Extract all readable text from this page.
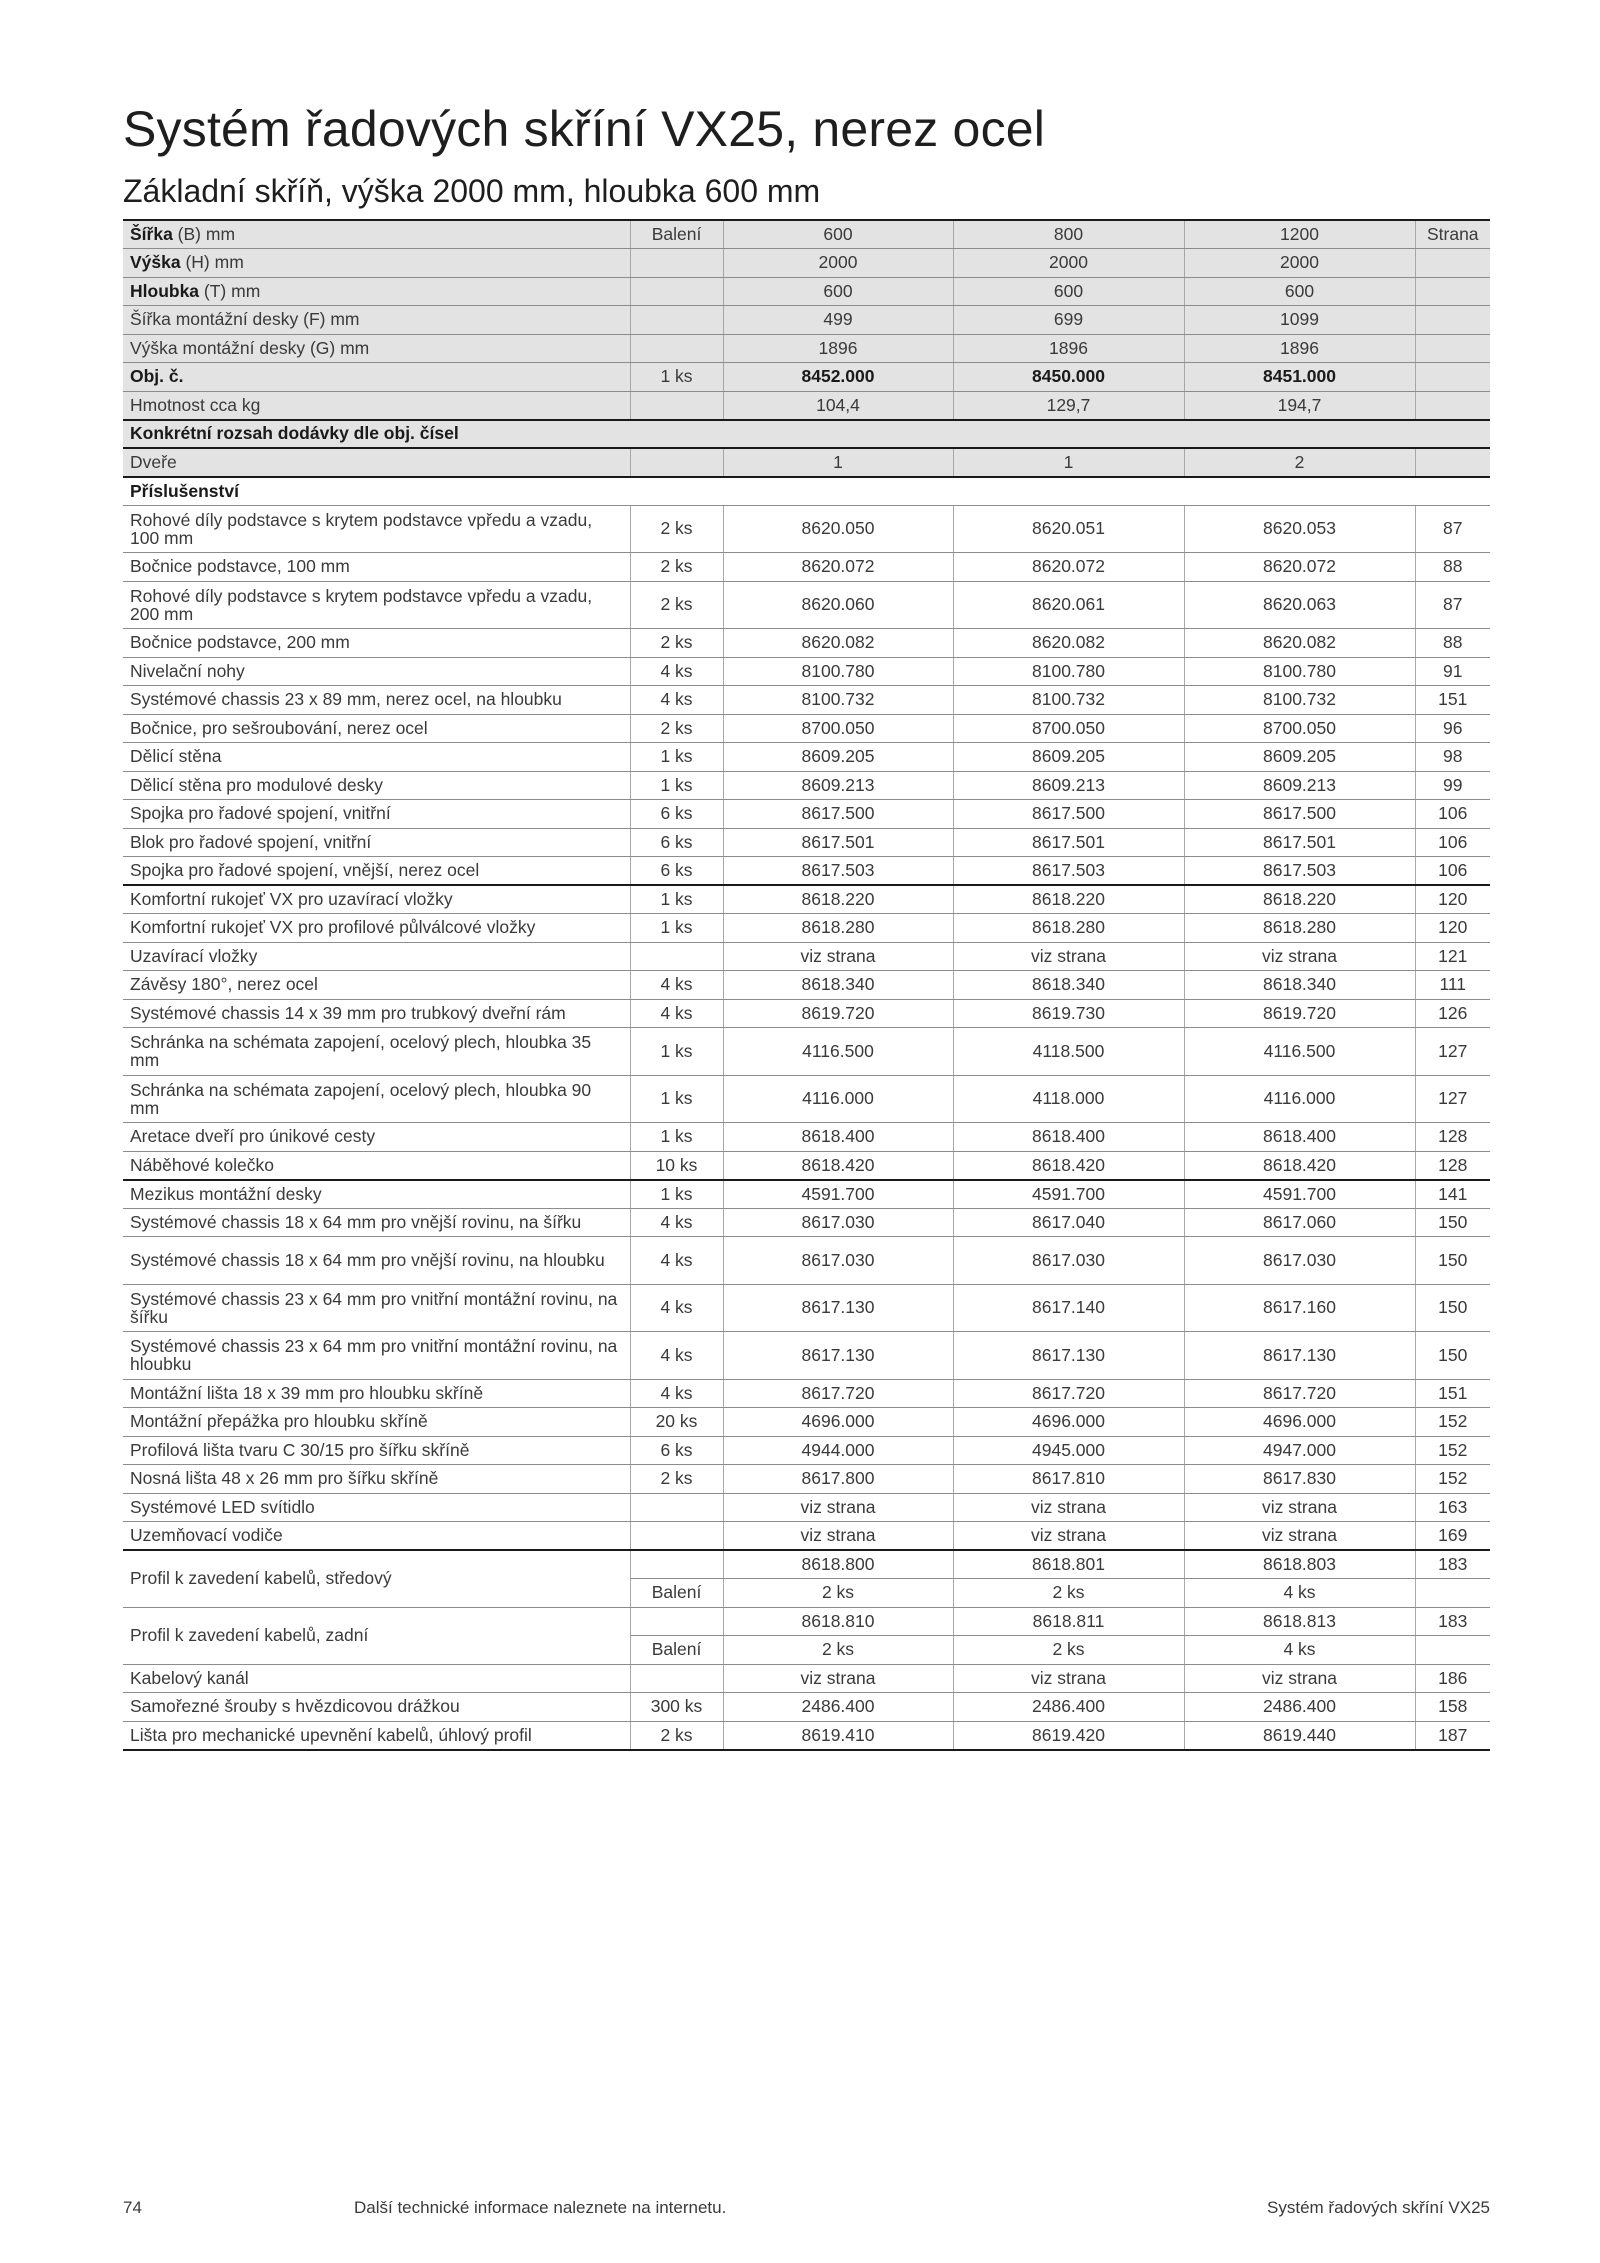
Systém řadových skříní VX25, nerez ocel
Základní skříň, výška 2000 mm, hloubka 600 mm
Šířka (B) mm	Balení	600	800	1200	Strana
Výška (H) mm		2000	2000	2000	
Hloubka (T) mm		600	600	600	
Šířka montážní desky (F) mm		499	699	1099	
Výška montážní desky (G) mm		1896	1896	1896	
Obj. č.	1 ks	8452.000	8450.000	8451.000	
Hmotnost cca kg		104,4	129,7	194,7	
Konkrétní rozsah dodávky dle obj. čísel					
Dveře		1	1	2	
Příslušenství					
Rohové díly podstavce s krytem podstavce vpředu a vzadu, 100 mm	2 ks	8620.050	8620.051	8620.053	87
Bočnice podstavce, 100 mm	2 ks	8620.072	8620.072	8620.072	88
Rohové díly podstavce s krytem podstavce vpředu a vzadu, 200 mm	2 ks	8620.060	8620.061	8620.063	87
Bočnice podstavce, 200 mm	2 ks	8620.082	8620.082	8620.082	88
Nivelační nohy	4 ks	8100.780	8100.780	8100.780	91
Systémové chassis 23 x 89 mm, nerez ocel, na hloubku	4 ks	8100.732	8100.732	8100.732	151
Bočnice, pro sešroubování, nerez ocel	2 ks	8700.050	8700.050	8700.050	96
Dělicí stěna	1 ks	8609.205	8609.205	8609.205	98
Dělicí stěna pro modulové desky	1 ks	8609.213	8609.213	8609.213	99
Spojka pro řadové spojení, vnitřní	6 ks	8617.500	8617.500	8617.500	106
Blok pro řadové spojení, vnitřní	6 ks	8617.501	8617.501	8617.501	106
Spojka pro řadové spojení, vnější, nerez ocel	6 ks	8617.503	8617.503	8617.503	106
Komfortní rukojeť VX pro uzavírací vložky	1 ks	8618.220	8618.220	8618.220	120
Komfortní rukojeť VX pro profilové půlválcové vložky	1 ks	8618.280	8618.280	8618.280	120
Uzavírací vložky		viz strana	viz strana	viz strana	121
Závěsy 180°, nerez ocel	4 ks	8618.340	8618.340	8618.340	111
Systémové chassis 14 x 39 mm pro trubkový dveřní rám	4 ks	8619.720	8619.730	8619.720	126
Schránka na schémata zapojení, ocelový plech, hloubka 35 mm	1 ks	4116.500	4118.500	4116.500	127
Schránka na schémata zapojení, ocelový plech, hloubka 90 mm	1 ks	4116.000	4118.000	4116.000	127
Aretace dveří pro únikové cesty	1 ks	8618.400	8618.400	8618.400	128
Náběhové kolečko	10 ks	8618.420	8618.420	8618.420	128
Mezikus montážní desky	1 ks	4591.700	4591.700	4591.700	141
Systémové chassis 18 x 64 mm pro vnější rovinu, na šířku	4 ks	8617.030	8617.040	8617.060	150
Systémové chassis 18 x 64 mm pro vnější rovinu, na hloubku	4 ks	8617.030	8617.030	8617.030	150
Systémové chassis 23 x 64 mm pro vnitřní montážní rovinu, na šířku	4 ks	8617.130	8617.140	8617.160	150
Systémové chassis 23 x 64 mm pro vnitřní montážní rovinu, na hloubku	4 ks	8617.130	8617.130	8617.130	150
Montážní lišta 18 x 39 mm pro hloubku skříně	4 ks	8617.720	8617.720	8617.720	151
Montážní přepážka pro hloubku skříně	20 ks	4696.000	4696.000	4696.000	152
Profilová lišta tvaru C 30/15 pro šířku skříně	6 ks	4944.000	4945.000	4947.000	152
Nosná lišta 48 x 26 mm pro šířku skříně	2 ks	8617.800	8617.810	8617.830	152
Systémové LED svítidlo		viz strana	viz strana	viz strana	163
Uzemňovací vodiče		viz strana	viz strana	viz strana	169
Profil k zavedení kabelů, středový		8618.800	8618.801	8618.803	183
	Balení	2 ks	2 ks	4 ks	
Profil k zavedení kabelů, zadní		8618.810	8618.811	8618.813	183
	Balení	2 ks	2 ks	4 ks	
Kabelový kanál		viz strana	viz strana	viz strana	186
Samořezné šrouby s hvězdicovou drážkou	300 ks	2486.400	2486.400	2486.400	158
Lišta pro mechanické upevnění kabelů, úhlový profil	2 ks	8619.410	8619.420	8619.440	187
74	Další technické informace naleznete na internetu.	Systém řadových skříní VX25
